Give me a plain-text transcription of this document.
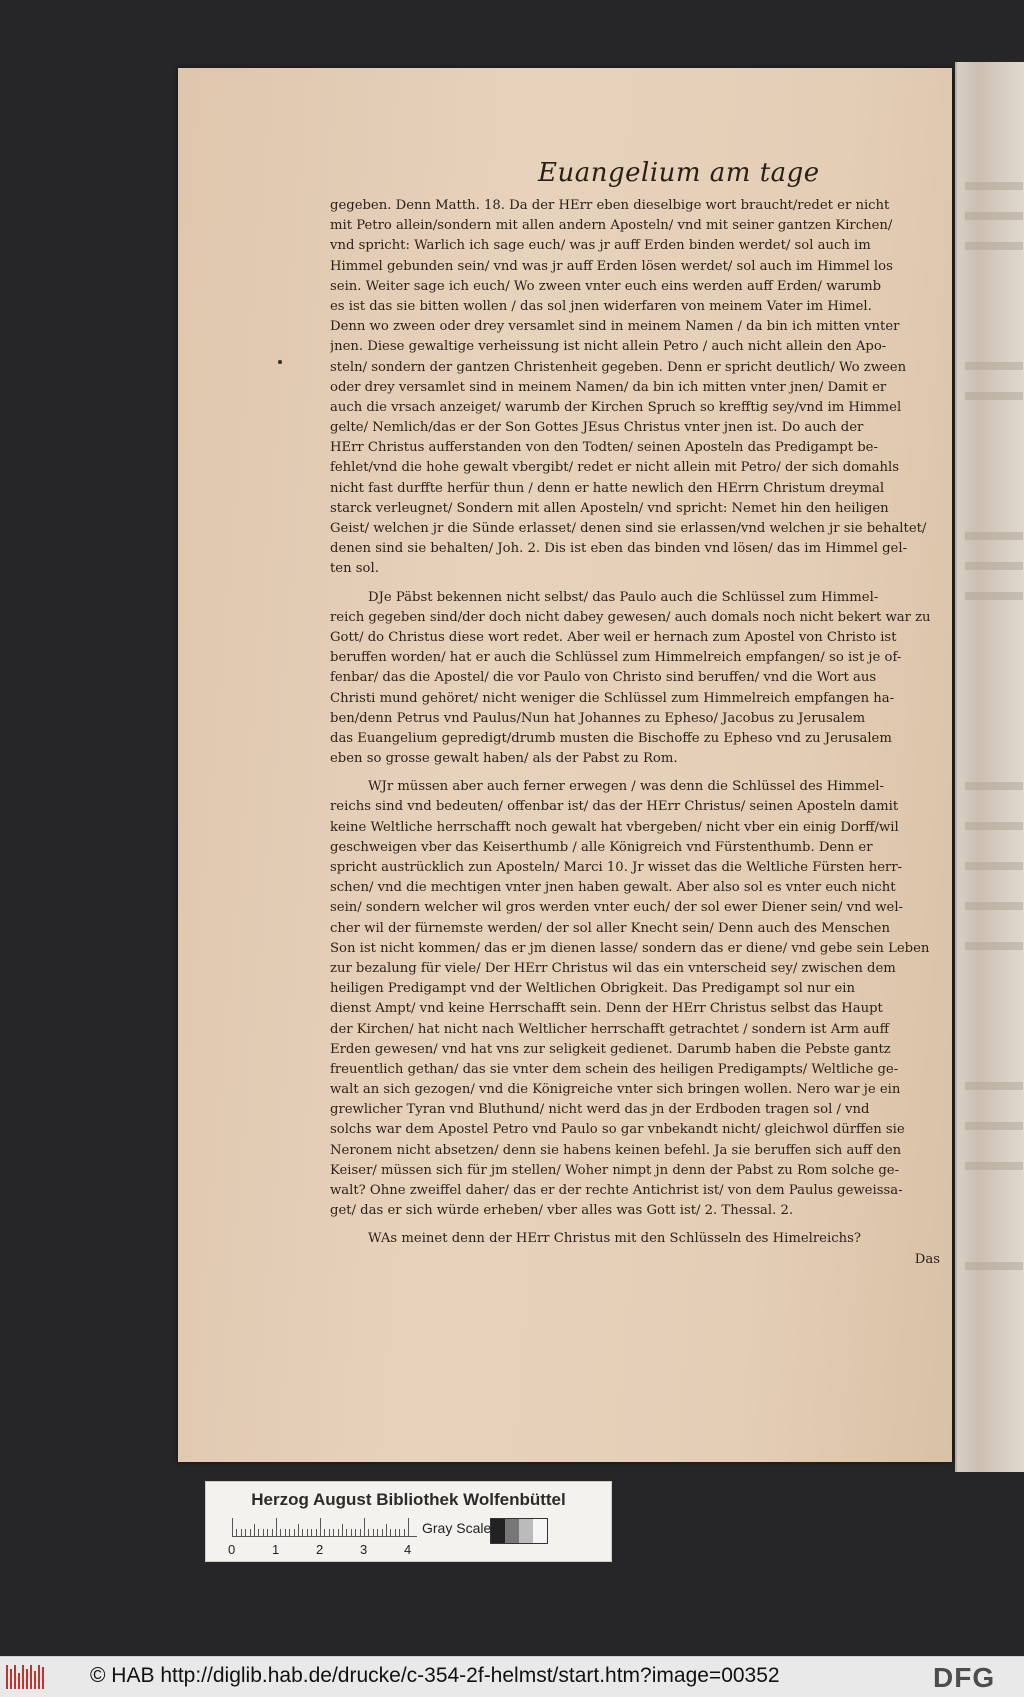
Euangelium am tage
gegeben. Denn Matth. 18. Da der HErr eben dieselbige wort braucht/redet er nicht
mit Petro allein/sondern mit allen andern Aposteln/ vnd mit seiner gantzen Kirchen/
vnd spricht: Warlich ich sage euch/ was jr auff Erden binden werdet/ sol auch im
Himmel gebunden sein/ vnd was jr auff Erden lösen werdet/ sol auch im Himmel los
sein. Weiter sage ich euch/ Wo zween vnter euch eins werden auff Erden/ warumb
es ist das sie bitten wollen / das sol jnen widerfaren von meinem Vater im Himel.
Denn wo zween oder drey versamlet sind in meinem Namen / da bin ich mitten vnter
jnen. Diese gewaltige verheissung ist nicht allein Petro / auch nicht allein den Apo-
steln/ sondern der gantzen Christenheit gegeben. Denn er spricht deutlich/ Wo zween
oder drey versamlet sind in meinem Namen/ da bin ich mitten vnter jnen/ Damit er
auch die vrsach anzeiget/ warumb der Kirchen Spruch so krefftig sey/vnd im Himmel
gelte/ Nemlich/das er der Son Gottes JEsus Christus vnter jnen ist. Do auch der
HErr Christus aufferstanden von den Todten/ seinen Aposteln das Predigampt be-
fehlet/vnd die hohe gewalt vbergibt/ redet er nicht allein mit Petro/ der sich domahls
nicht fast durffte herfür thun / denn er hatte newlich den HErrn Christum dreymal
starck verleugnet/ Sondern mit allen Aposteln/ vnd spricht: Nemet hin den heiligen
Geist/ welchen jr die Sünde erlasset/ denen sind sie erlassen/vnd welchen jr sie behaltet/
denen sind sie behalten/ Joh. 2. Dis ist eben das binden vnd lösen/ das im Himmel gel-
ten sol.
DJe Päbst bekennen nicht selbst/ das Paulo auch die Schlüssel zum Himmel-
reich gegeben sind/der doch nicht dabey gewesen/ auch domals noch nicht bekert war zu
Gott/ do Christus diese wort redet. Aber weil er hernach zum Apostel von Christo ist
beruffen worden/ hat er auch die Schlüssel zum Himmelreich empfangen/ so ist je of-
fenbar/ das die Apostel/ die vor Paulo von Christo sind beruffen/ vnd die Wort aus
Christi mund gehöret/ nicht weniger die Schlüssel zum Himmelreich empfangen ha-
ben/denn Petrus vnd Paulus/Nun hat Johannes zu Epheso/ Jacobus zu Jerusalem
das Euangelium gepredigt/drumb musten die Bischoffe zu Epheso vnd zu Jerusalem
eben so grosse gewalt haben/ als der Pabst zu Rom.
WJr müssen aber auch ferner erwegen / was denn die Schlüssel des Himmel-
reichs sind vnd bedeuten/ offenbar ist/ das der HErr Christus/ seinen Aposteln damit
keine Weltliche herrschafft noch gewalt hat vbergeben/ nicht vber ein einig Dorff/wil
geschweigen vber das Keiserthumb / alle Königreich vnd Fürstenthumb. Denn er
spricht austrücklich zun Aposteln/ Marci 10. Jr wisset das die Weltliche Fürsten herr-
schen/ vnd die mechtigen vnter jnen haben gewalt. Aber also sol es vnter euch nicht
sein/ sondern welcher wil gros werden vnter euch/ der sol ewer Diener sein/ vnd wel-
cher wil der fürnemste werden/ der sol aller Knecht sein/ Denn auch des Menschen
Son ist nicht kommen/ das er jm dienen lasse/ sondern das er diene/ vnd gebe sein Leben
zur bezalung für viele/ Der HErr Christus wil das ein vnterscheid sey/ zwischen dem
heiligen Predigampt vnd der Weltlichen Obrigkeit. Das Predigampt sol nur ein
dienst Ampt/ vnd keine Herrschafft sein. Denn der HErr Christus selbst das Haupt
der Kirchen/ hat nicht nach Weltlicher herrschafft getrachtet / sondern ist Arm auff
Erden gewesen/ vnd hat vns zur seligkeit gedienet. Darumb haben die Pebste gantz
freuentlich gethan/ das sie vnter dem schein des heiligen Predigampts/ Weltliche ge-
walt an sich gezogen/ vnd die Königreiche vnter sich bringen wollen. Nero war je ein
grewlicher Tyran vnd Bluthund/ nicht werd das jn der Erdboden tragen sol / vnd
solchs war dem Apostel Petro vnd Paulo so gar vnbekandt nicht/ gleichwol dürffen sie
Neronem nicht absetzen/ denn sie habens keinen befehl. Ja sie beruffen sich auff den
Keiser/ müssen sich für jm stellen/ Woher nimpt jn denn der Pabst zu Rom solche ge-
walt? Ohne zweiffel daher/ das er der rechte Antichrist ist/ von dem Paulus geweissa-
get/ das er sich würde erheben/ vber alles was Gott ist/ 2. Thessal. 2.
WAs meinet denn der HErr Christus mit den Schlüsseln des Himelreichs?
Das
Herzog August Bibliothek Wolfenbüttel
0	1	2	3	4
Gray Scale
© HAB http://diglib.hab.de/drucke/c-354-2f-helmst/start.htm?image=00352	DFG
